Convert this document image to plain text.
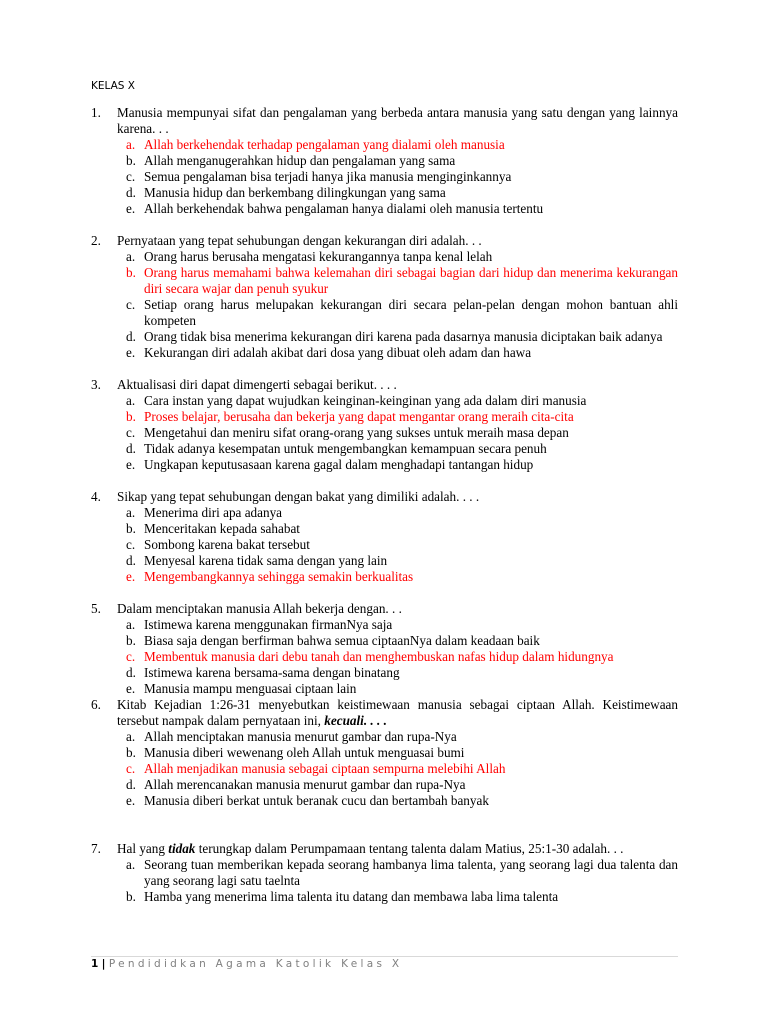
KELAS X
1. Manusia mempunyai sifat dan pengalaman yang berbeda antara manusia yang satu dengan yang lainnya karena. . .
a. Allah berkehendak terhadap pengalaman yang dialami oleh manusia
b. Allah menganugerahkan hidup dan pengalaman yang sama
c. Semua pengalaman bisa terjadi hanya jika manusia menginginkannya
d. Manusia hidup dan berkembang dilingkungan yang sama
e. Allah berkehendak bahwa pengalaman hanya dialami oleh manusia tertentu
2. Pernyataan yang tepat sehubungan dengan kekurangan diri adalah. . .
a. Orang harus berusaha mengatasi kekurangannya tanpa kenal lelah
b. Orang harus memahami bahwa kelemahan diri sebagai bagian dari hidup dan menerima kekurangan diri secara wajar dan penuh syukur
c. Setiap orang harus melupakan kekurangan diri secara pelan-pelan dengan mohon bantuan ahli kompeten
d. Orang tidak bisa menerima kekurangan diri karena pada dasarnya manusia diciptakan baik adanya
e. Kekurangan diri adalah akibat dari dosa yang dibuat oleh adam dan hawa
3. Aktualisasi diri dapat dimengerti sebagai berikut. . . .
a. Cara instan yang dapat wujudkan keinginan-keinginan yang ada dalam diri manusia
b. Proses belajar, berusaha dan bekerja yang dapat mengantar orang meraih cita-cita
c. Mengetahui dan meniru sifat orang-orang yang sukses untuk meraih masa depan
d. Tidak adanya kesempatan untuk mengembangkan kemampuan secara penuh
e. Ungkapan keputusasaan karena gagal dalam menghadapi tantangan hidup
4. Sikap yang tepat sehubungan dengan bakat yang dimiliki adalah. . . .
a. Menerima diri apa adanya
b. Menceritakan kepada sahabat
c. Sombong karena bakat tersebut
d. Menyesal karena tidak sama dengan yang lain
e. Mengembangkannya sehingga semakin berkualitas
5. Dalam menciptakan manusia Allah bekerja dengan. . .
a. Istimewa karena menggunakan firmanNya saja
b. Biasa saja dengan berfirman bahwa semua ciptaanNya dalam keadaan baik
c. Membentuk manusia dari debu tanah dan menghembuskan nafas hidup dalam hidungnya
d. Istimewa karena bersama-sama dengan binatang
e. Manusia mampu menguasai ciptaan lain
6. Kitab Kejadian 1:26-31 menyebutkan keistimewaan manusia sebagai ciptaan Allah. Keistimewaan tersebut nampak dalam pernyataan ini, kecuali. . . .
a. Allah menciptakan manusia menurut gambar dan rupa-Nya
b. Manusia diberi wewenang oleh Allah untuk menguasai bumi
c. Allah menjadikan manusia sebagai ciptaan sempurna melebihi Allah
d. Allah merencanakan manusia menurut gambar dan rupa-Nya
e. Manusia diberi berkat untuk beranak cucu dan bertambah banyak
7. Hal yang tidak terungkap dalam Perumpamaan tentang talenta dalam Matius, 25:1-30 adalah. . .
a. Seorang tuan memberikan kepada seorang hambanya lima talenta, yang seorang lagi dua talenta dan yang seorang lagi satu taelnta
b. Hamba yang menerima lima talenta itu datang dan membawa laba lima talenta
1 | Pendididkan Agama Katolik Kelas X
